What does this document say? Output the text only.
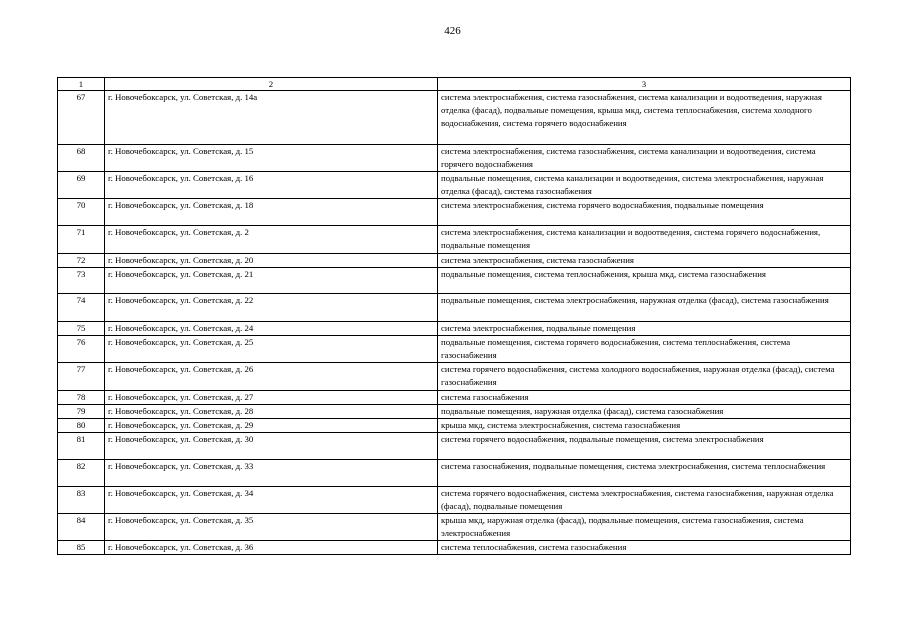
426
1	2	3
67	г. Новочебоксарск, ул. Советская, д. 14а	система электроснабжения, система газоснабжения, система канализации и водоотведения, наружная отделка (фасад), подвальные помещения, крыша мкд, система теплоснабжения, система холодного водоснабжения, система горячего водоснабжения
68	г. Новочебоксарск, ул. Советская, д. 15	система электроснабжения, система газоснабжения, система канализации и водоотведения, система горячего водоснабжения
69	г. Новочебоксарск, ул. Советская, д. 16	подвальные помещения, система канализации и водоотведения, система электроснабжения, наружная отделка (фасад), система газоснабжения
70	г. Новочебоксарск, ул. Советская, д. 18	система электроснабжения, система горячего водоснабжения, подвальные помещения
71	г. Новочебоксарск, ул. Советская, д. 2	система электроснабжения, система канализации и водоотведения, система горячего водоснабжения, подвальные помещения
72	г. Новочебоксарск, ул. Советская, д. 20	система электроснабжения, система газоснабжения
73	г. Новочебоксарск, ул. Советская, д. 21	подвальные помещения, система теплоснабжения, крыша мкд, система газоснабжения
74	г. Новочебоксарск, ул. Советская, д. 22	подвальные помещения, система электроснабжения, наружная отделка (фасад), система газоснабжения
75	г. Новочебоксарск, ул. Советская, д. 24	система электроснабжения, подвальные помещения
76	г. Новочебоксарск, ул. Советская, д. 25	подвальные помещения, система горячего водоснабжения, система теплоснабжения, система газоснабжения
77	г. Новочебоксарск, ул. Советская, д. 26	система горячего водоснабжения, система холодного водоснабжения, наружная отделка (фасад), система газоснабжения
78	г. Новочебоксарск, ул. Советская, д. 27	система газоснабжения
79	г. Новочебоксарск, ул. Советская, д. 28	подвальные помещения, наружная отделка (фасад), система газоснабжения
80	г. Новочебоксарск, ул. Советская, д. 29	крыша мкд, система электроснабжения, система газоснабжения
81	г. Новочебоксарск, ул. Советская, д. 30	система горячего водоснабжения, подвальные помещения, система электроснабжения
82	г. Новочебоксарск, ул. Советская, д. 33	система газоснабжения, подвальные помещения, система электроснабжения, система теплоснабжения
83	г. Новочебоксарск, ул. Советская, д. 34	система горячего водоснабжения, система электроснабжения, система газоснабжения, наружная отделка (фасад), подвальные помещения
84	г. Новочебоксарск, ул. Советская, д. 35	крыша мкд, наружная отделка (фасад), подвальные помещения, система газоснабжения, система электроснабжения
85	г. Новочебоксарск, ул. Советская, д. 36	система теплоснабжения, система газоснабжения
